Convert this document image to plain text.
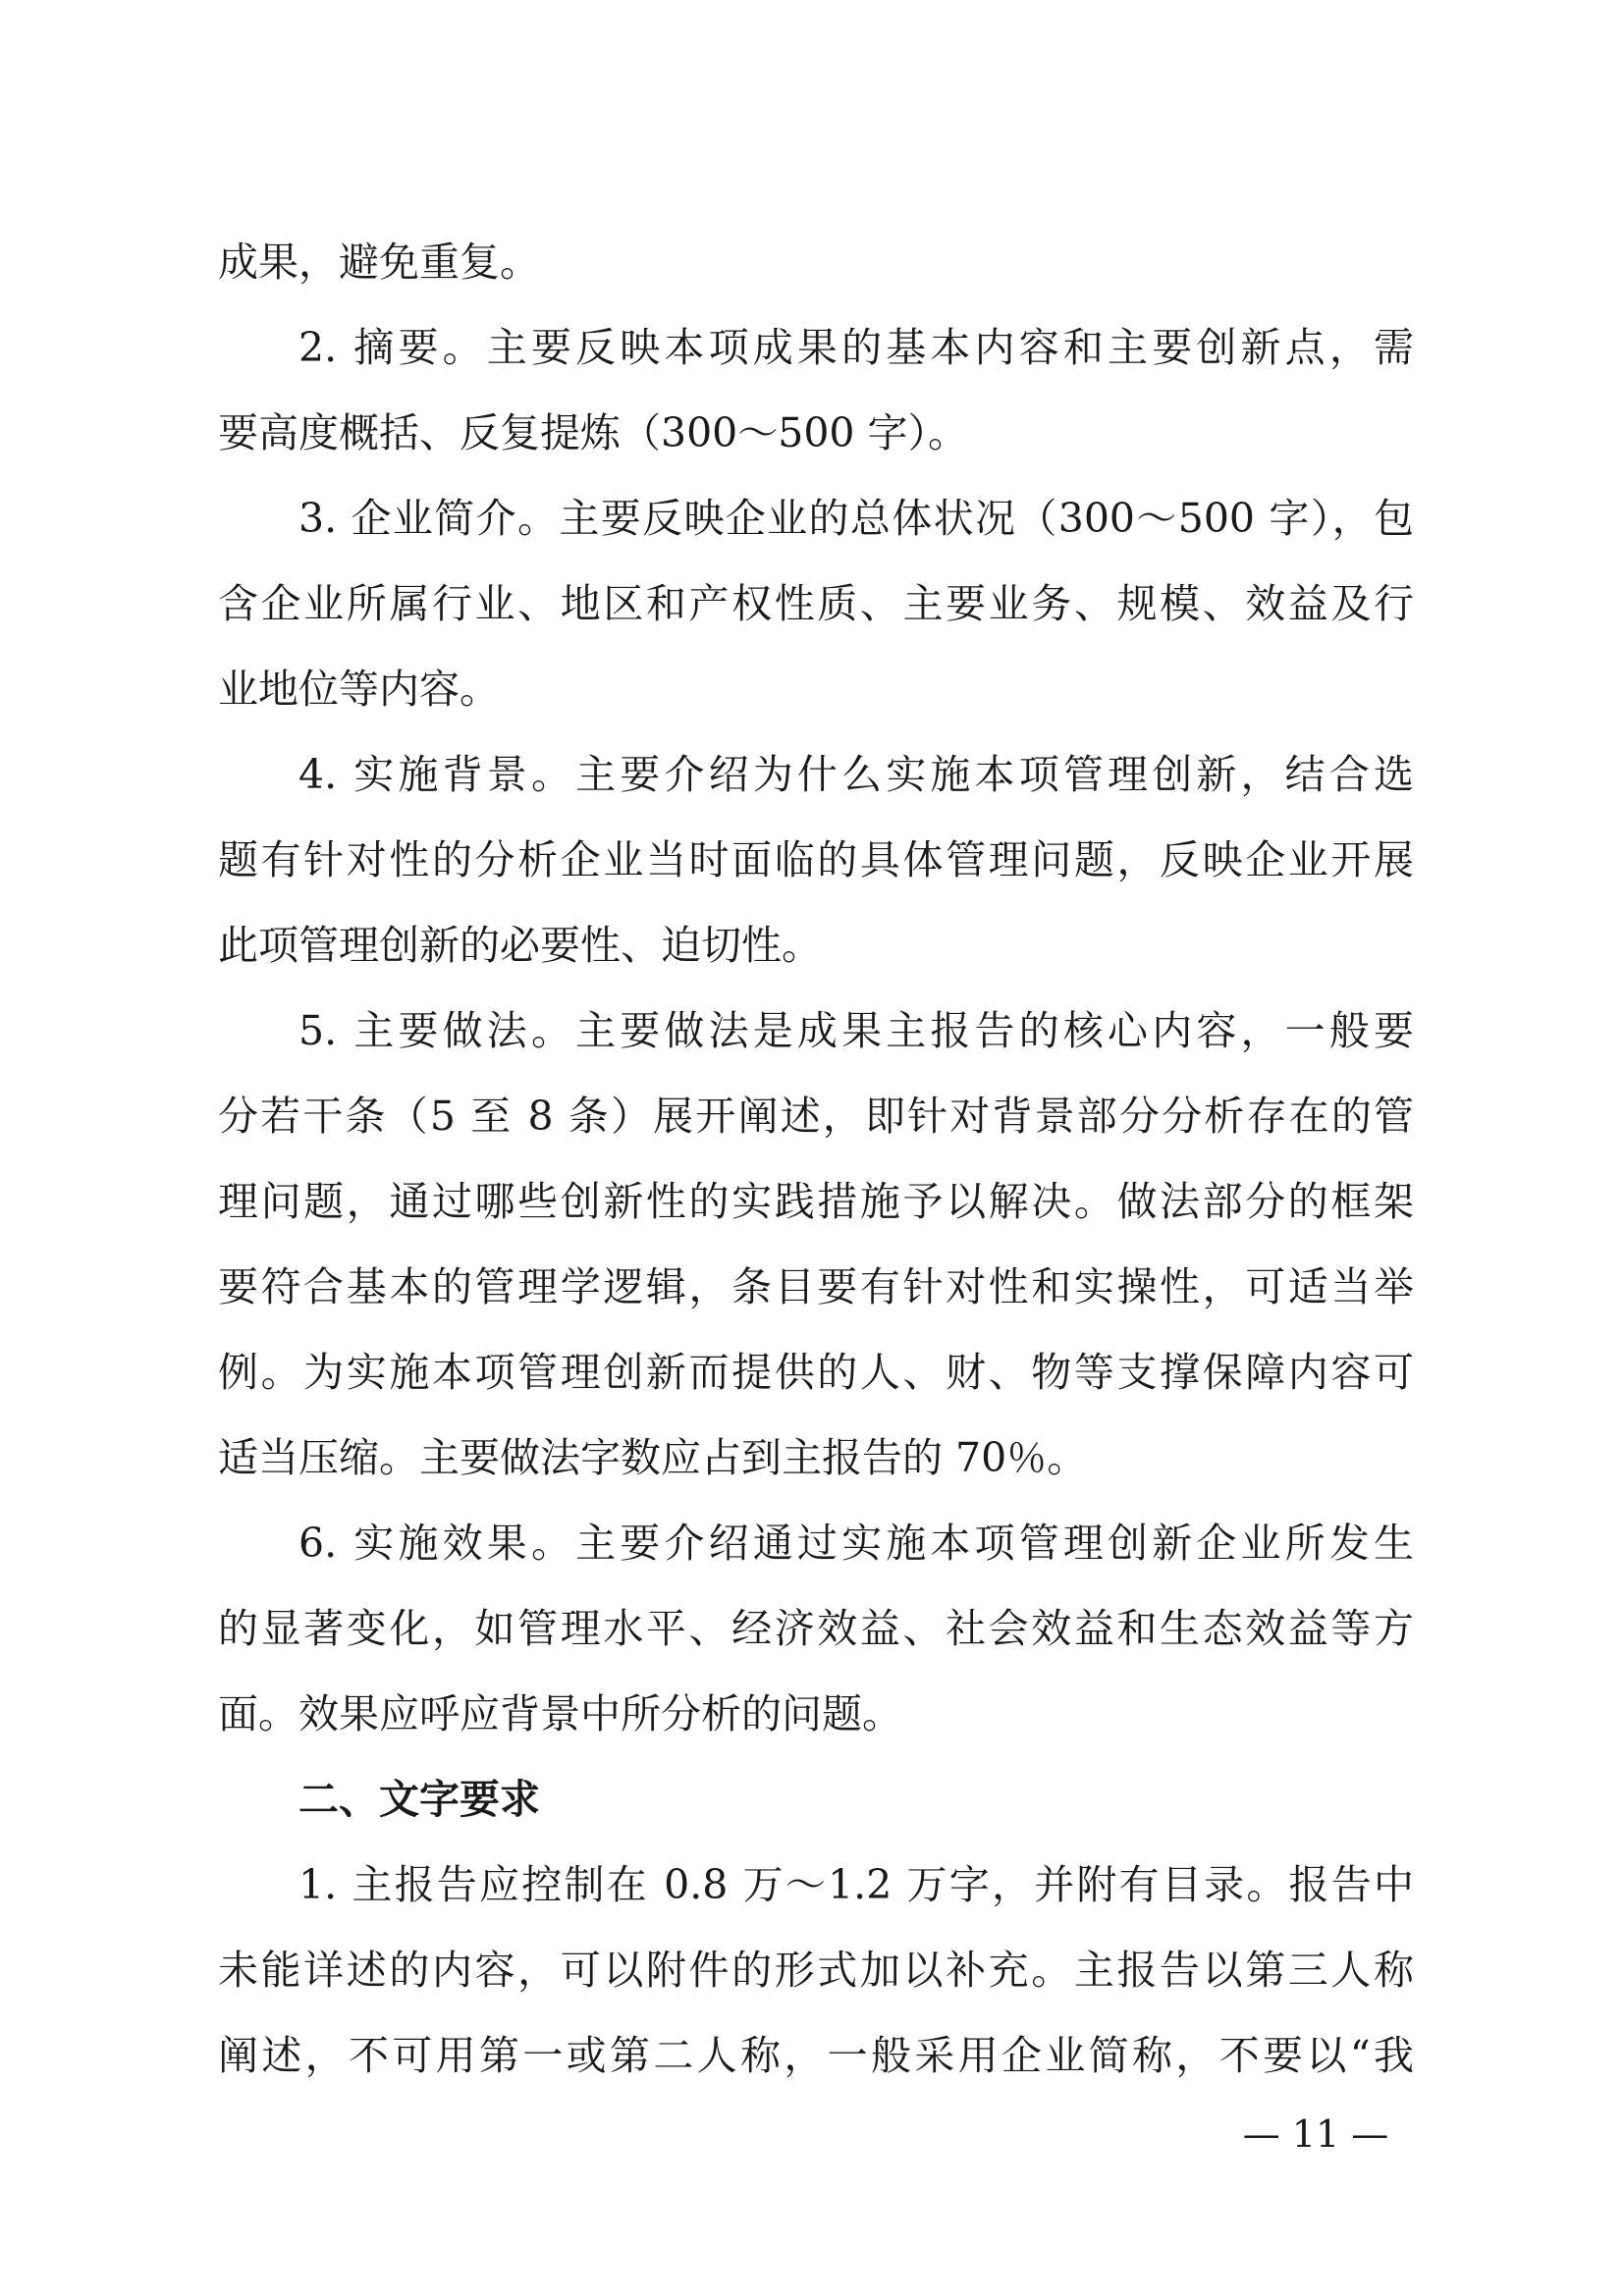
成果，避免重复。
2. 摘要。主要反映本项成果的基本内容和主要创新点，需
要高度概括、反复提炼（300～500 字）。
3. 企业简介。主要反映企业的总体状况（300～500 字），包
含企业所属行业、地区和产权性质、主要业务、规模、效益及行
业地位等内容。
4. 实施背景。主要介绍为什么实施本项管理创新，结合选
题有针对性的分析企业当时面临的具体管理问题，反映企业开展
此项管理创新的必要性、迫切性。
5. 主要做法。主要做法是成果主报告的核心内容，一般要
分若干条（5 至 8 条）展开阐述，即针对背景部分分析存在的管
理问题，通过哪些创新性的实践措施予以解决。做法部分的框架
要符合基本的管理学逻辑，条目要有针对性和实操性，可适当举
例。为实施本项管理创新而提供的人、财、物等支撑保障内容可
适当压缩。主要做法字数应占到主报告的 70％。
6. 实施效果。主要介绍通过实施本项管理创新企业所发生
的显著变化，如管理水平、经济效益、社会效益和生态效益等方
面。效果应呼应背景中所分析的问题。
二、文字要求
1. 主报告应控制在 0.8 万～1.2 万字，并附有目录。报告中
未能详述的内容，可以附件的形式加以补充。主报告以第三人称
阐述，不可用第一或第二人称，一般采用企业简称，不要以“我
— 11 —
